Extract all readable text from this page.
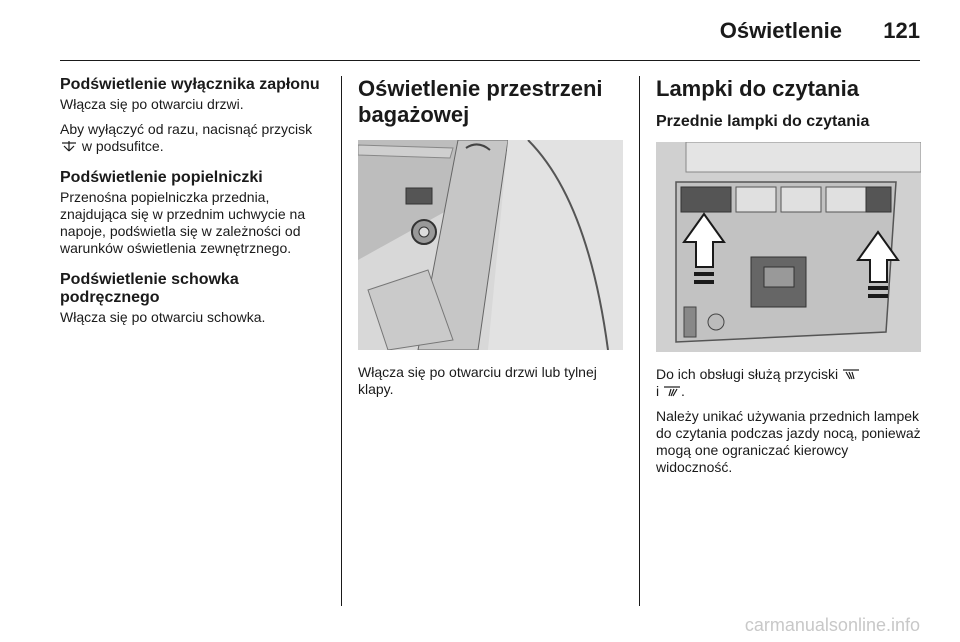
Oświetlenie 121
Podświetlenie wyłącznika zapłonu

Włącza się po otwarciu drzwi.

Aby wyłączyć od razu, nacisnąć przycisk  w podsufitce.

Podświetlenie popielniczki

Przenośna popielniczka przednia, znajdująca się w przednim uchwycie na napoje, podświetla się w zależności od warunków oświetlenia zewnętrznego.

Podświetlenie schowka podręcznego

Włącza się po otwarciu schowka.

Oświetlenie przestrzeni bagażowej

Włącza się po otwarciu drzwi lub tylnej klapy.

Lampki do czytania
Przednie lampki do czytania

Do ich obsługi służą przyciski
i .

Należy unikać używania przednich lampek do czytania podczas jazdy nocą, ponieważ mogą one ograniczać kierowcy widoczność.

carmanualsonline.info
